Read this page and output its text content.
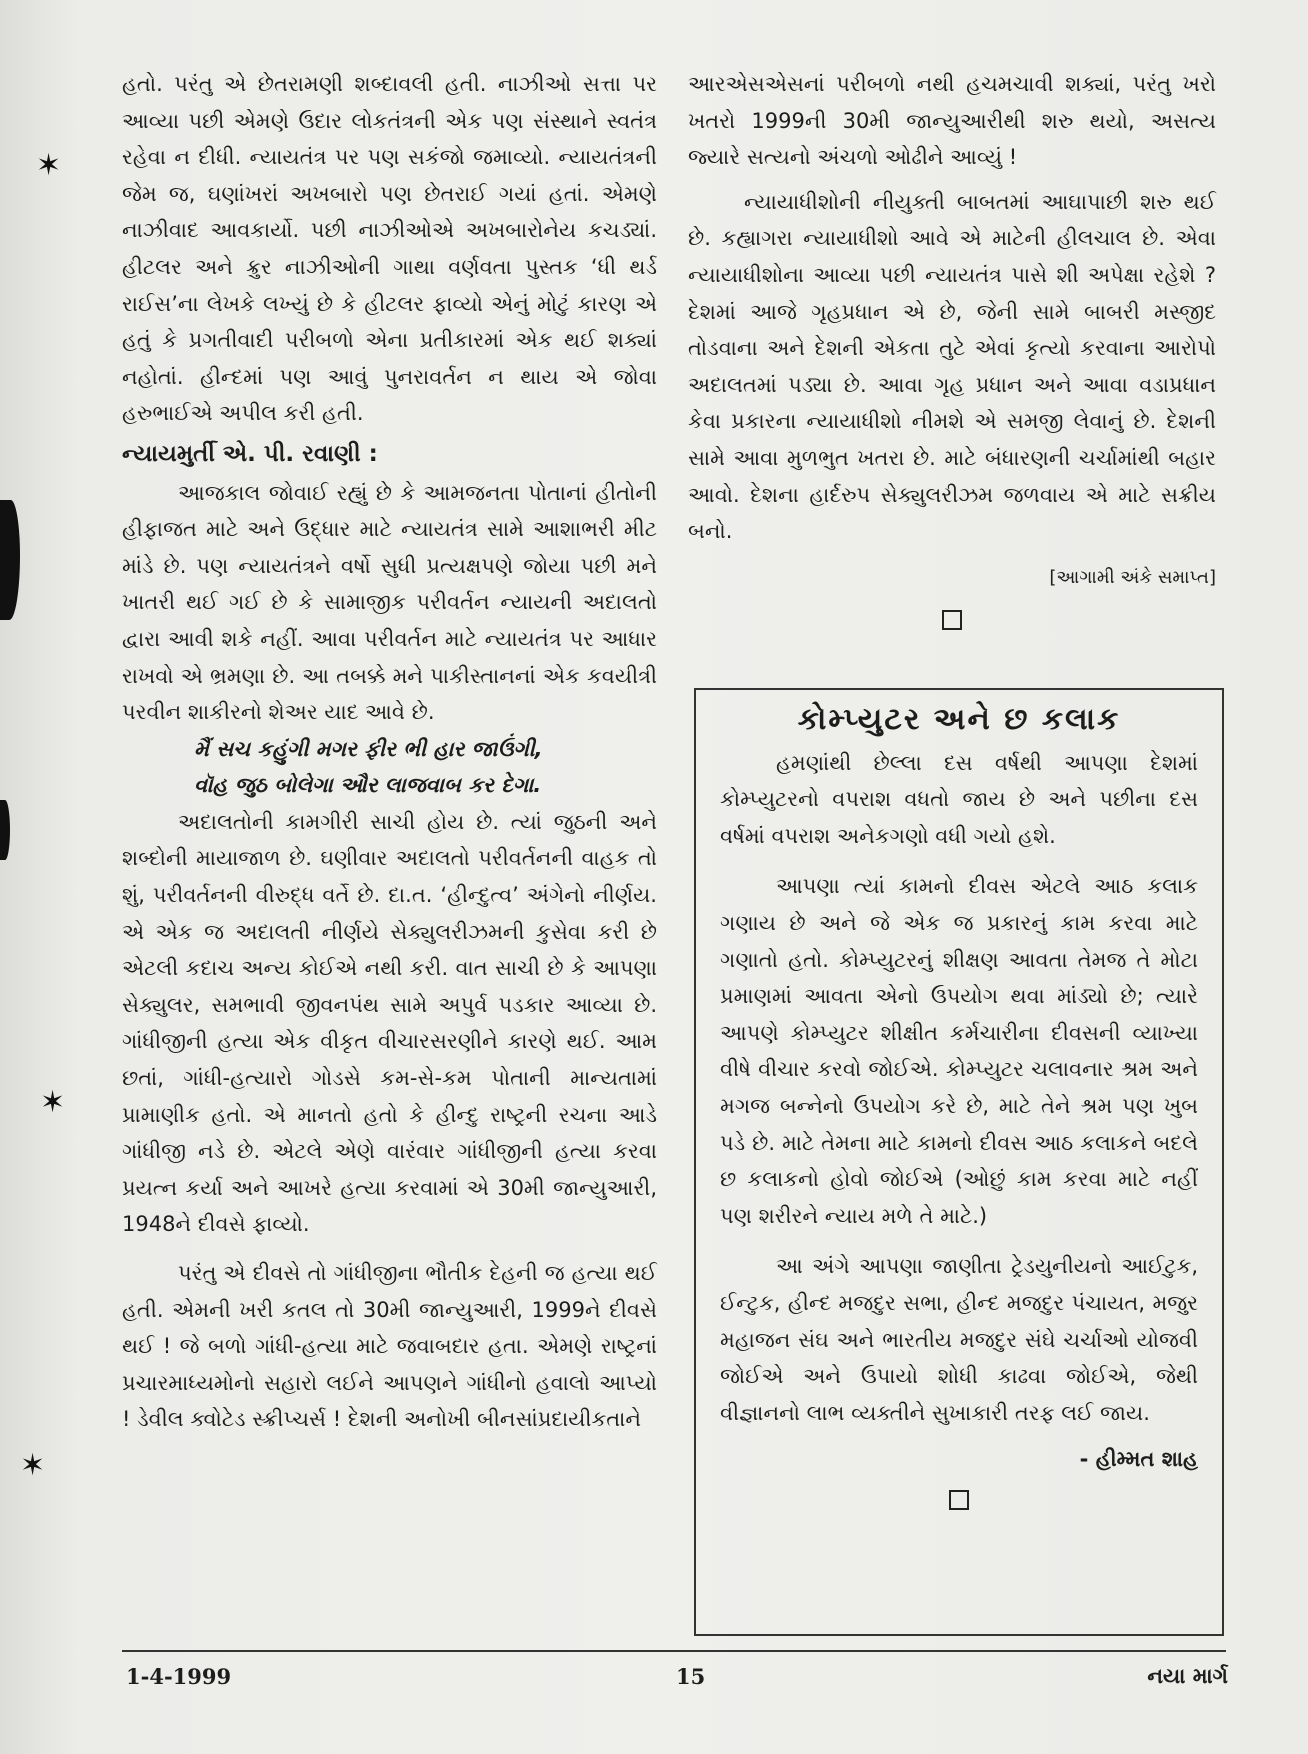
હતો. પરંતુ એ છેતરામણી શબ્દાવલી હતી. નાઝીઓ સત્તા પર આવ્યા પછી એમણે ઉદાર લોકતંત્રની એક પણ સંસ્થાને સ્વતંત્ર રહેવા ન દીધી. ન્યાયતંત્ર પર પણ સકંજો જમાવ્યો. ન્યાયતંત્રની જેમ જ, ઘણાંખરાં અખબારો પણ છેતરાઈ ગયાં હતાં. એમણે નાઝીવાદ આવકાર્યો. પછી નાઝીઓએ અખબારોનેય કચડ્યાં. હીટલર અને ક્રુર નાઝીઓની ગાથા વર્ણવતા પુસ્તક ‘ધી થર્ડ રાઈસ’ના લેખકે લખ્યું છે કે હીટલર ફાવ્યો એનું મોટું કારણ એ હતું કે પ્રગતીવાદી પરીબળો એના પ્રતીકારમાં એક થઈ શક્યાં નહોતાં. હીન્દમાં પણ આવું પુનરાવર્તન ન થાય એ જોવા હરુભાઈએ અપીલ કરી હતી.

ન્યાયમુર્તી એ. પી. રવાણી :

આજકાલ જોવાઈ રહ્યું છે કે આમજનતા પોતાનાં હીતોની હીફાજત માટે અને ઉદ્ધાર માટે ન્યાયતંત્ર સામે આશાભરી મીટ માંડે છે. પણ ન્યાયતંત્રને વર્ષો સુધી પ્રત્યક્ષપણે જોયા પછી મને ખાતરી થઈ ગઈ છે કે સામાજીક પરીવર્તન ન્યાયની અદાલતો દ્વારા આવી શકે નહીં. આવા પરીવર્તન માટે ન્યાયતંત્ર પર આધાર રાખવો એ ભ્રમણા છે. આ તબક્કે મને પાકીસ્તાનનાં એક કવયીત્રી પરવીન શાકીરનો શેઅર યાદ આવે છે.

મૈં સચ કહુંગી મગર ફીર ભી હાર જાઉંગી,

વૉહ જુઠ બોલેગા ઔર લાજવાબ કર દેગા.

અદાલતોની કામગીરી સાચી હોય છે. ત્યાં જુઠની અને શબ્દોની માયાજાળ છે. ઘણીવાર અદાલતો પરીવર્તનની વાહક તો શું, પરીવર્તનની વીરુદ્ધ વર્તે છે. દા.ત. ‘હીન્દુત્વ’ અંગેનો નીર્ણય. એ એક જ અદાલતી નીર્ણયે સેક્યુલરીઝમની કુસેવા કરી છે એટલી કદાચ અન્ય કોઈએ નથી કરી. વાત સાચી છે કે આપણા સેક્યુલર, સમભાવી જીવનપંથ સામે અપુર્વ પડકાર આવ્યા છે. ગાંધીજીની હત્યા એક વીકૃત વીચારસરણીને કારણે થઈ. આમ છતાં, ગાંધી-હત્યારો ગોડસે કમ-સે-કમ પોતાની માન્યતામાં પ્રામાણીક હતો. એ માનતો હતો કે હીન્દુ રાષ્ટ્રની રચના આડે ગાંધીજી નડે છે. એટલે એણે વારંવાર ગાંધીજીની હત્યા કરવા પ્રયત્ન કર્યા અને આખરે હત્યા કરવામાં એ 30મી જાન્યુઆરી, 1948ને દીવસે ફાવ્યો.

પરંતુ એ દીવસે તો ગાંધીજીના ભૌતીક દેહની જ હત્યા થઈ હતી. એમની ખરી કતલ તો 30મી જાન્યુઆરી, 1999ને દીવસે થઈ ! જે બળો ગાંધી-હત્યા માટે જવાબદાર હતા. એમણે રાષ્ટ્રનાં પ્રચારમાધ્યમોનો સહારો લઈને આપણને ગાંધીનો હવાલો આપ્યો ! ડેવીલ ક્વોટેડ સ્ક્રીપ્ચર્સ ! દેશની અનોખી બીનસાંપ્રદાયીકતાને

આરએસએસનાં પરીબળો નથી હચમચાવી શક્યાં, પરંતુ ખરો ખતરો 1999ની 30મી જાન્યુઆરીથી શરુ થયો, અસત્ય જ્યારે સત્યનો અંચળો ઓઢીને આવ્યું !

ન્યાયાધીશોની નીયુક્તી બાબતમાં આઘાપાછી શરુ થઈ છે. કહ્યાગરા ન્યાયાધીશો આવે એ માટેની હીલચાલ છે. એવા ન્યાયાધીશોના આવ્યા પછી ન્યાયતંત્ર પાસે શી અપેક્ષા રહેશે ? દેશમાં આજે ગૃહપ્રધાન એ છે, જેની સામે બાબરી મસ્જીદ તોડવાના અને દેશની એકતા તુટે એવાં કૃત્યો કરવાના આરોપો અદાલતમાં પડ્યા છે. આવા ગૃહ પ્રધાન અને આવા વડાપ્રધાન કેવા પ્રકારના ન્યાયાધીશો નીમશે એ સમજી લેવાનું છે. દેશની સામે આવા મુળભુત ખતરા છે. માટે બંધારણની ચર્ચામાંથી બહાર આવો. દેશના હાર્દરુપ સેક્યુલરીઝમ જળવાય એ માટે સક્રીય બનો.

[આગામી અંકે સમાપ્ત]

કોમ્પ્યુટર અને છ કલાક

હમણાંથી છેલ્લા દસ વર્ષથી આપણા દેશમાં કોમ્પ્યુટરનો વપરાશ વધતો જાય છે અને પછીના દસ વર્ષમાં વપરાશ અનેકગણો વધી ગયો હશે.

આપણા ત્યાં કામનો દીવસ એટલે આઠ કલાક ગણાય છે અને જે એક જ પ્રકારનું કામ કરવા માટે ગણાતો હતો. કોમ્પ્યુટરનું શીક્ષણ આવતા તેમજ તે મોટા પ્રમાણમાં આવતા એનો ઉપયોગ થવા માંડ્યો છે; ત્યારે આપણે કોમ્પ્યુટર શીક્ષીત કર્મચારીના દીવસની વ્યાખ્યા વીષે વીચાર કરવો જોઈએ. કોમ્પ્યુટર ચલાવનાર શ્રમ અને મગજ બન્નેનો ઉપયોગ કરે છે, માટે તેને શ્રમ પણ ખુબ પડે છે. માટે તેમના માટે કામનો દીવસ આઠ કલાકને બદલે છ કલાકનો હોવો જોઈએ (ઓછું કામ કરવા માટે નહીં પણ શરીરને ન્યાય મળે તે માટે.)

આ અંગે આપણા જાણીતા ટ્રેડયુનીયનો આઈટુક, ઈન્ટુક, હીન્દ મજદુર સભા, હીન્દ મજદુર પંચાયત, મજુર મહાજન સંઘ અને ભારતીય મજદુર સંઘે ચર્ચાઓ યોજવી જોઈએ અને ઉપાયો શોધી કાઢવા જોઈએ, જેથી વીજ્ઞાનનો લાભ વ્યક્તીને સુખાકારી તરફ લઈ જાય.

- હીમ્મત શાહ

1-4-1999	15	નયા માર્ગ
✶
✶
✶
